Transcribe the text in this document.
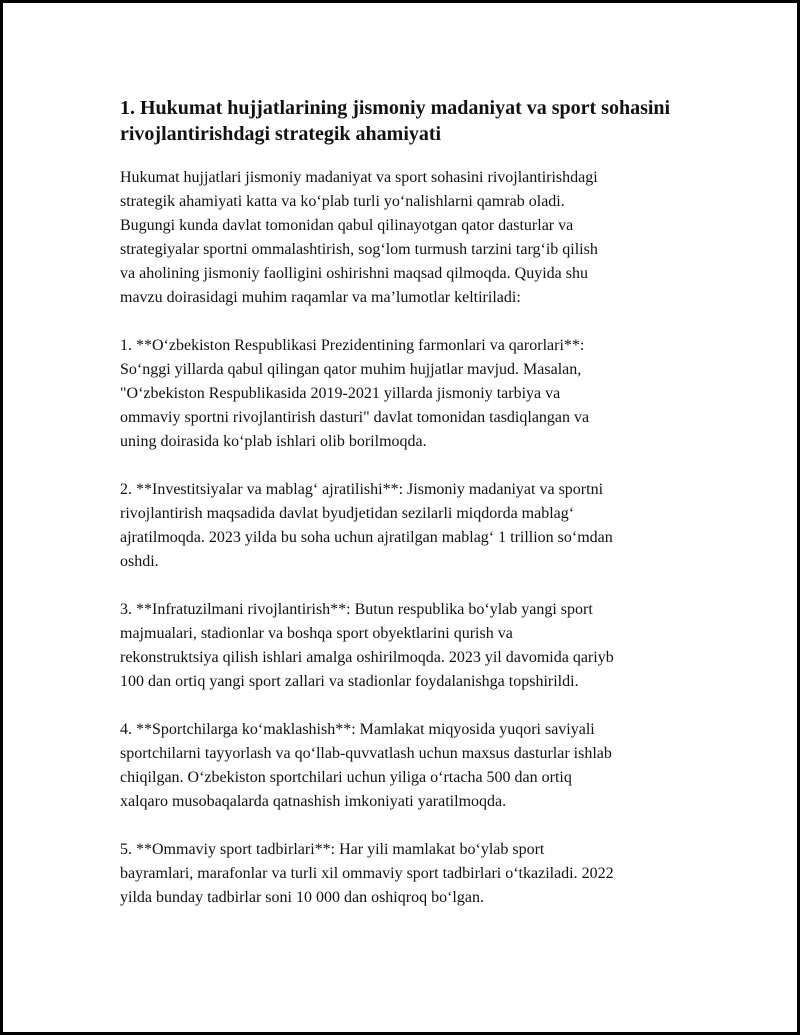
1. Hukumat hujjatlarining jismoniy madaniyat va sport sohasini rivojlantirishdagi strategik ahamiyati

Hukumat hujjatlari jismoniy madaniyat va sport sohasini rivojlantirishdagi
strategik ahamiyati katta va koʻplab turli yoʻnalishlarni qamrab oladi.
Bugungi kunda davlat tomonidan qabul qilinayotgan qator dasturlar va
strategiyalar sportni ommalashtirish, sogʻlom turmush tarzini targʻib qilish
va aholining jismoniy faolligini oshirishni maqsad qilmoqda. Quyida shu
mavzu doirasidagi muhim raqamlar va maʼlumotlar keltiriladi:

1. **Oʻzbekiston Respublikasi Prezidentining farmonlari va qarorlari**:
Soʻnggi yillarda qabul qilingan qator muhim hujjatlar mavjud. Masalan,
"Oʻzbekiston Respublikasida 2019-2021 yillarda jismoniy tarbiya va
ommaviy sportni rivojlantirish dasturi" davlat tomonidan tasdiqlangan va
uning doirasida koʻplab ishlari olib borilmoqda.

2. **Investitsiyalar va mablagʻ ajratilishi**: Jismoniy madaniyat va sportni
rivojlantirish maqsadida davlat byudjetidan sezilarli miqdorda mablagʻ
ajratilmoqda. 2023 yilda bu soha uchun ajratilgan mablagʻ 1 trillion soʻmdan
oshdi.

3. **Infratuzilmani rivojlantirish**: Butun respublika boʻylab yangi sport
majmualari, stadionlar va boshqa sport obyektlarini qurish va
rekonstruktsiya qilish ishlari amalga oshirilmoqda. 2023 yil davomida qariyb
100 dan ortiq yangi sport zallari va stadionlar foydalanishga topshirildi.

4. **Sportchilarga koʻmaklashish**: Mamlakat miqyosida yuqori saviyali
sportchilarni tayyorlash va qoʻllab-quvvatlash uchun maxsus dasturlar ishlab
chiqilgan. Oʻzbekiston sportchilari uchun yiliga oʻrtacha 500 dan ortiq
xalqaro musobaqalarda qatnashish imkoniyati yaratilmoqda.

5. **Ommaviy sport tadbirlari**: Har yili mamlakat boʻylab sport
bayramlari, marafonlar va turli xil ommaviy sport tadbirlari oʻtkaziladi. 2022
yilda bunday tadbirlar soni 10 000 dan oshiqroq boʻlgan.
